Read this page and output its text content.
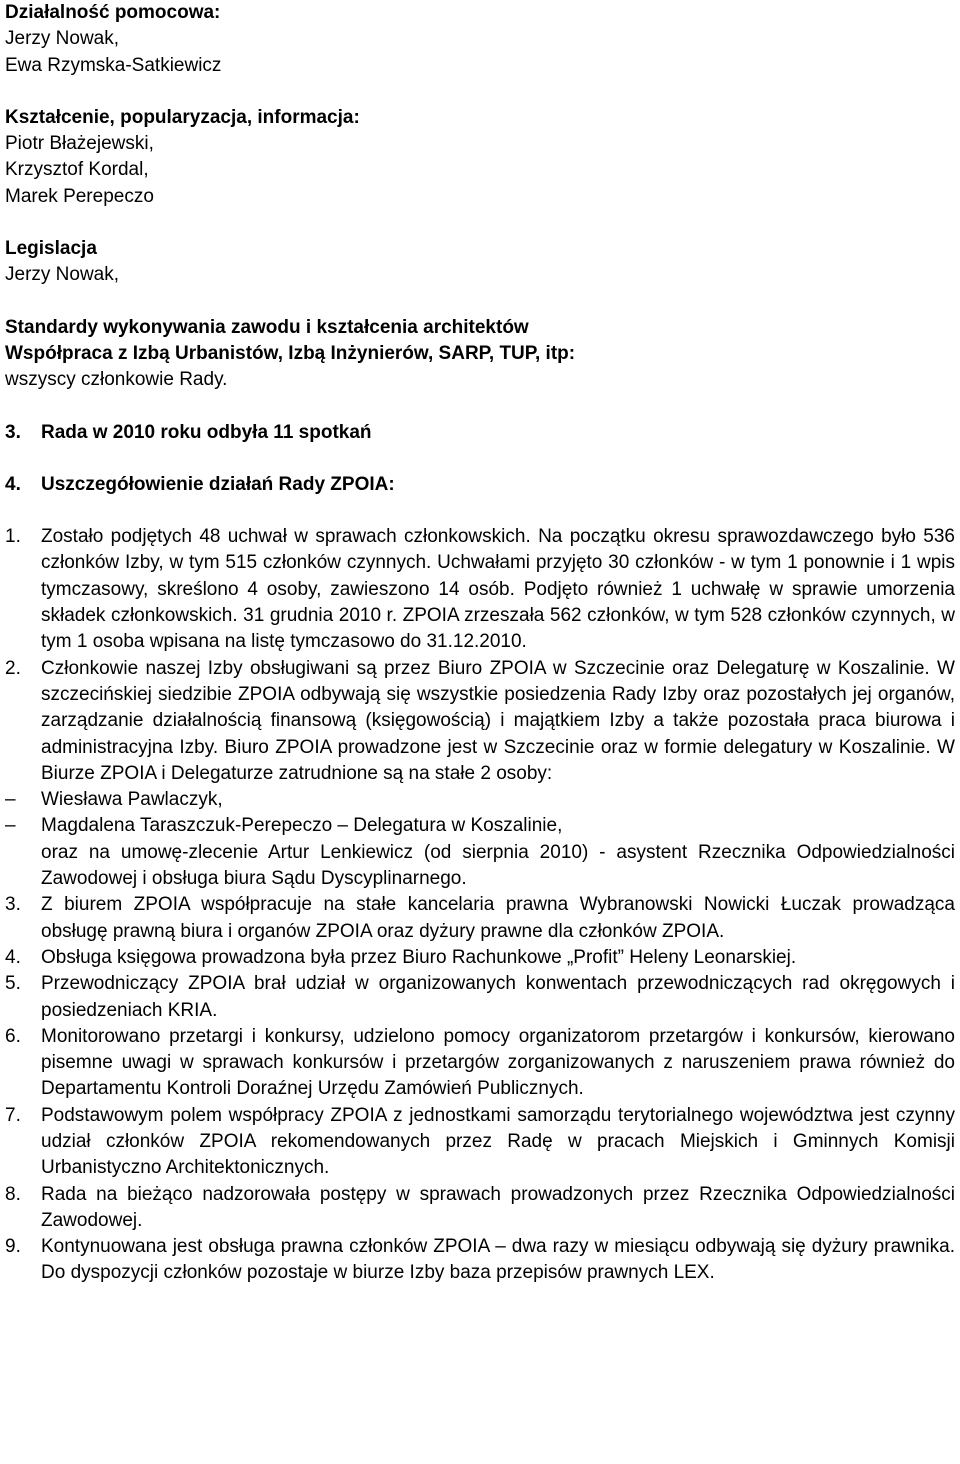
Działalność pomocowa:

Jerzy Nowak,

Ewa Rzymska-Satkiewicz

Kształcenie, popularyzacja, informacja:

Piotr Błażejewski,

Krzysztof Kordal,

Marek Perepeczo

Legislacja

Jerzy Nowak,

Standardy wykonywania zawodu i kształcenia architektów

Współpraca z Izbą Urbanistów, Izbą Inżynierów, SARP, TUP, itp:

wszyscy członkowie Rady.

3.	Rada w 2010 roku odbyła 11 spotkań
4.	Uszczegółowienie działań Rady ZPOIA:
1.	Zostało podjętych 48 uchwał w sprawach członkowskich. Na początku okresu sprawozdawczego było 536 członków Izby, w tym 515 członków czynnych. Uchwałami przyjęto 30 członków - w tym 1 ponownie i 1 wpis tymczasowy, skreślono 4 osoby, zawieszono 14 osób. Podjęto również 1 uchwałę w sprawie umorzenia składek członkowskich. 31 grudnia 2010 r. ZPOIA zrzeszała 562 członków, w tym 528 członków czynnych, w tym 1 osoba wpisana na listę tymczasowo do 31.12.2010.
2.	Członkowie naszej Izby obsługiwani są przez Biuro ZPOIA w Szczecinie oraz Delegaturę w Koszalinie. W szczecińskiej siedzibie ZPOIA odbywają się wszystkie posiedzenia Rady Izby oraz pozostałych jej organów, zarządzanie działalnością finansową (księgowością) i majątkiem Izby a także pozostała praca biurowa i administracyjna Izby. Biuro ZPOIA prowadzone jest w Szczecinie oraz w formie delegatury w Koszalinie. W Biurze ZPOIA i Delegaturze zatrudnione są na stałe 2 osoby:
–	Wiesława Pawlaczyk,
–	Magdalena Taraszczuk-Perepeczo – Delegatura w Koszalinie,

oraz na umowę-zlecenie Artur Lenkiewicz (od sierpnia 2010) - asystent Rzecznika Odpowiedzialności Zawodowej i obsługa biura Sądu Dyscyplinarnego.

3.	Z biurem ZPOIA współpracuje na stałe kancelaria prawna Wybranowski Nowicki Łuczak prowadząca obsługę prawną biura i organów ZPOIA oraz dyżury prawne dla członków ZPOIA.
4.	Obsługa księgowa prowadzona była przez Biuro Rachunkowe „Profit” Heleny Leonarskiej.
5.	Przewodniczący ZPOIA brał udział w organizowanych konwentach przewodniczących rad okręgowych i posiedzeniach KRIA.
6.	Monitorowano przetargi i konkursy, udzielono pomocy organizatorom przetargów i konkursów, kierowano pisemne uwagi w sprawach konkursów i przetargów zorganizowanych z naruszeniem prawa również do Departamentu Kontroli Doraźnej Urzędu Zamówień Publicznych.
7.	Podstawowym polem współpracy ZPOIA z jednostkami samorządu terytorialnego województwa jest czynny udział członków ZPOIA rekomendowanych przez Radę w pracach Miejskich i Gminnych Komisji Urbanistyczno Architektonicznych.
8.	Rada na bieżąco nadzorowała postępy w sprawach prowadzonych przez Rzecznika Odpowiedzialności Zawodowej.
9.	Kontynuowana jest obsługa prawna członków ZPOIA – dwa razy w miesiącu odbywają się dyżury prawnika. Do dyspozycji członków pozostaje w biurze Izby baza przepisów prawnych LEX.
